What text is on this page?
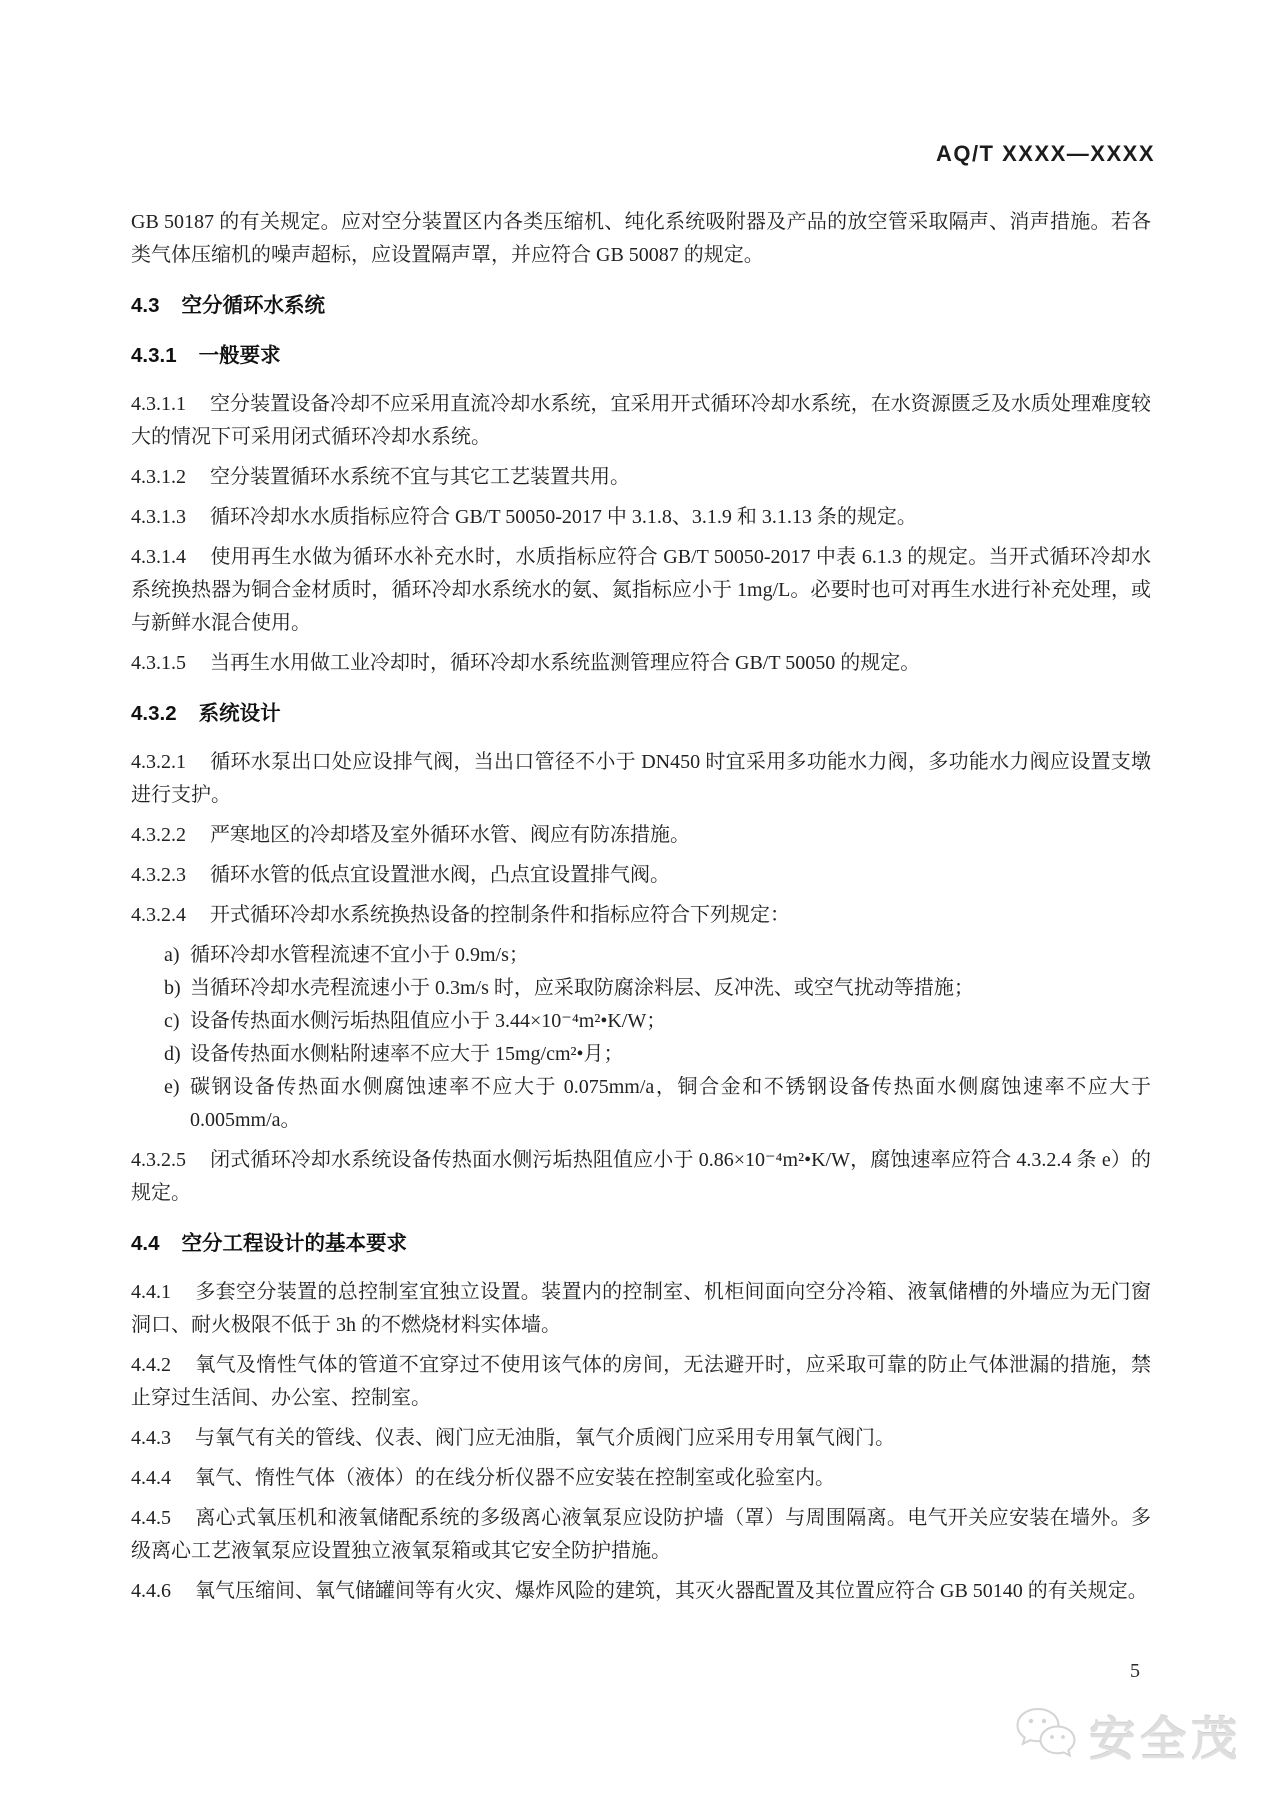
AQ/T XXXX—XXXX

GB 50187 的有关规定。应对空分装置区内各类压缩机、纯化系统吸附器及产品的放空管采取隔声、消声措施。若各类气体压缩机的噪声超标，应设置隔声罩，并应符合 GB 50087 的规定。

4.3 空分循环水系统
4.3.1 一般要求

4.3.1.1 空分装置设备冷却不应采用直流冷却水系统，宜采用开式循环冷却水系统，在水资源匮乏及水质处理难度较大的情况下可采用闭式循环冷却水系统。

4.3.1.2 空分装置循环水系统不宜与其它工艺装置共用。

4.3.1.3 循环冷却水水质指标应符合 GB/T 50050-2017 中 3.1.8、3.1.9 和 3.1.13 条的规定。

4.3.1.4 使用再生水做为循环水补充水时，水质指标应符合 GB/T 50050-2017 中表 6.1.3 的规定。当开式循环冷却水系统换热器为铜合金材质时，循环冷却水系统水的氨、氮指标应小于 1mg/L。必要时也可对再生水进行补充处理，或与新鲜水混合使用。

4.3.1.5 当再生水用做工业冷却时，循环冷却水系统监测管理应符合 GB/T 50050 的规定。

4.3.2 系统设计

4.3.2.1 循环水泵出口处应设排气阀，当出口管径不小于 DN450 时宜采用多功能水力阀，多功能水力阀应设置支墩进行支护。

4.3.2.2 严寒地区的冷却塔及室外循环水管、阀应有防冻措施。

4.3.2.3 循环水管的低点宜设置泄水阀，凸点宜设置排气阀。

4.3.2.4 开式循环冷却水系统换热设备的控制条件和指标应符合下列规定：

a) 循环冷却水管程流速不宜小于 0.9m/s；
b) 当循环冷却水壳程流速小于 0.3m/s 时，应采取防腐涂料层、反冲洗、或空气扰动等措施；
c) 设备传热面水侧污垢热阻值应小于 3.44×10⁻⁴m²•K/W；
d) 设备传热面水侧粘附速率不应大于 15mg/cm²•月；
e) 碳钢设备传热面水侧腐蚀速率不应大于 0.075mm/a，铜合金和不锈钢设备传热面水侧腐蚀速率不应大于 0.005mm/a。

4.3.2.5 闭式循环冷却水系统设备传热面水侧污垢热阻值应小于 0.86×10⁻⁴m²•K/W，腐蚀速率应符合 4.3.2.4 条 e）的规定。

4.4 空分工程设计的基本要求

4.4.1 多套空分装置的总控制室宜独立设置。装置内的控制室、机柜间面向空分冷箱、液氧储槽的外墙应为无门窗洞口、耐火极限不低于 3h 的不燃烧材料实体墙。

4.4.2 氧气及惰性气体的管道不宜穿过不使用该气体的房间，无法避开时，应采取可靠的防止气体泄漏的措施，禁止穿过生活间、办公室、控制室。

4.4.3 与氧气有关的管线、仪表、阀门应无油脂，氧气介质阀门应采用专用氧气阀门。

4.4.4 氧气、惰性气体（液体）的在线分析仪器不应安装在控制室或化验室内。

4.4.5 离心式氧压机和液氧储配系统的多级离心液氧泵应设防护墙（罩）与周围隔离。电气开关应安装在墙外。多级离心工艺液氧泵应设置独立液氧泵箱或其它安全防护措施。

4.4.6 氧气压缩间、氧气储罐间等有火灾、爆炸风险的建筑，其灭火器配置及其位置应符合 GB 50140 的有关规定。

5
安全茂
